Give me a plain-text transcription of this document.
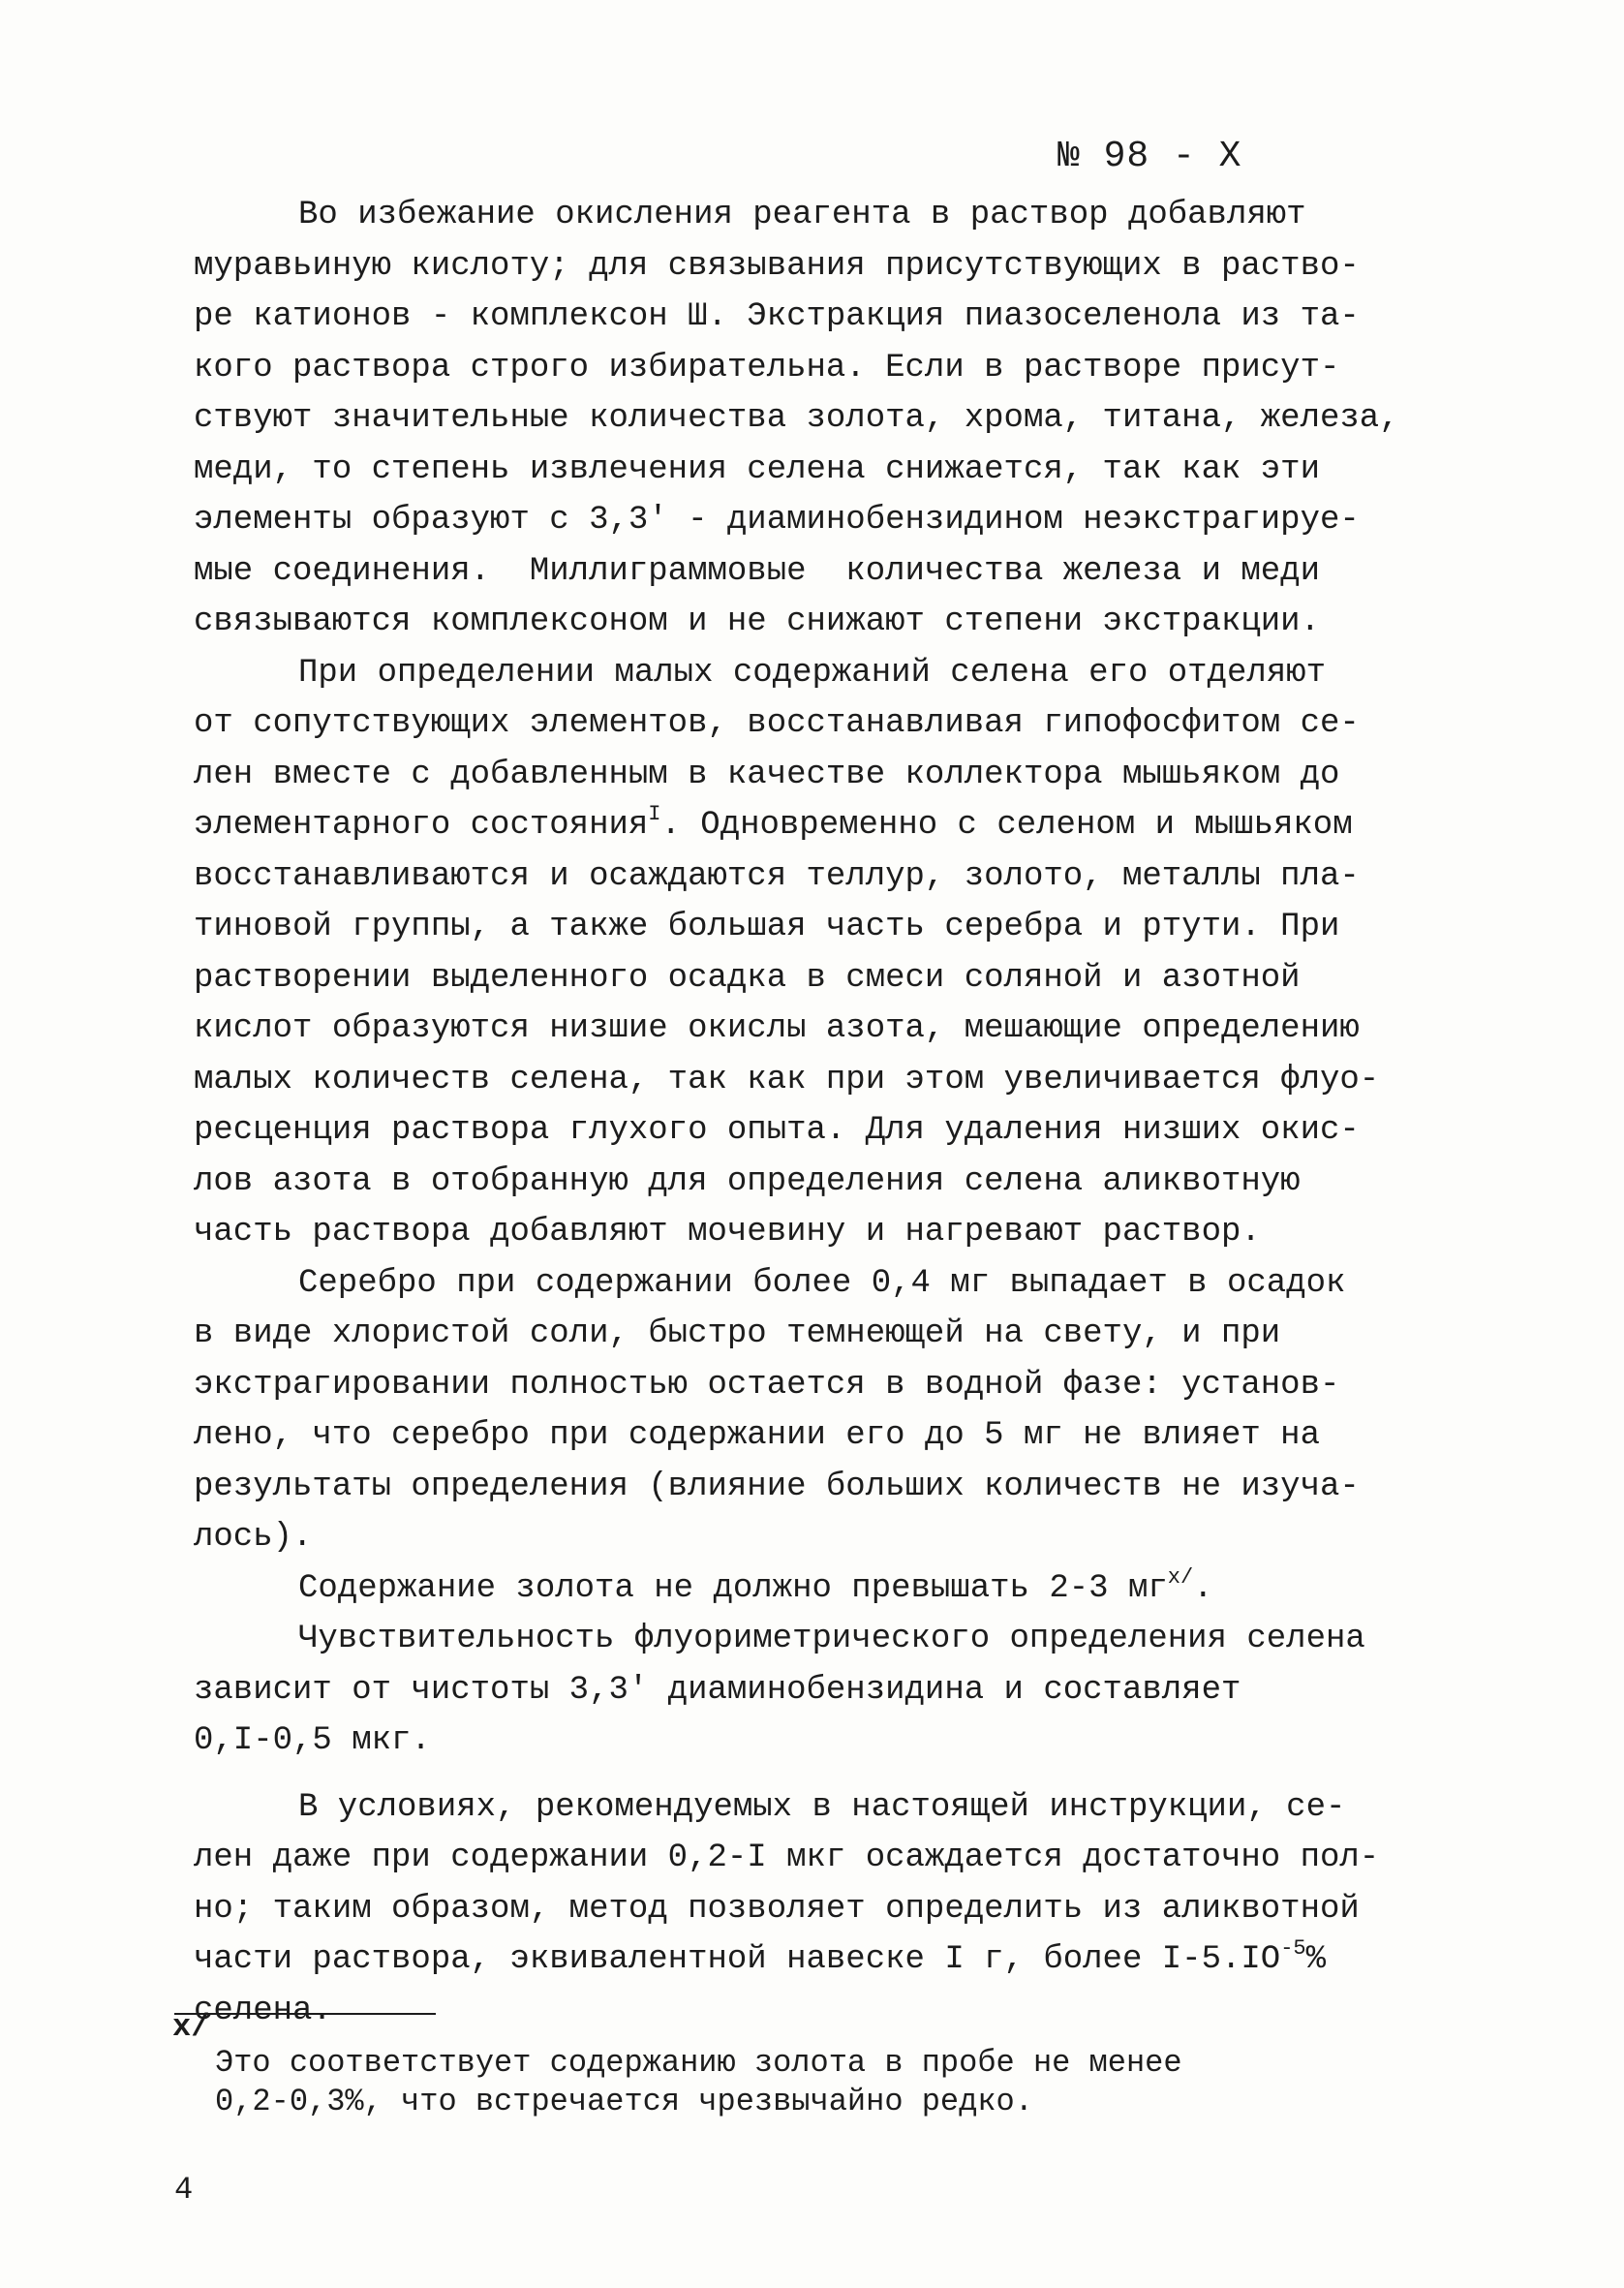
№ 98 - X
Во избежание окисления реагента в раствор добавляют
муравьиную кислоту; для связывания присутствующих в раство-
ре катионов - комплексон Ш. Экстракция пиазоселенола из та-
кого раствора строго избирательна. Если в растворе присут-
ствуют значительные количества золота, хрома, титана, железа,
меди, то степень извлечения селена снижается, так как эти
элементы образуют с 3,3' - диаминобензидином неэкстрагируе-
мые соединения.  Миллиграммовые  количества железа и меди
связываются комплексоном и не снижают степени экстракции.
При определении малых содержаний селена его отделяют
от сопутствующих элементов, восстанавливая гипофосфитом се-
лен вместе с добавленным в качестве коллектора мышьяком до
элементарного состояния$^I$. Одновременно с селеном и мышьяком
восстанавливаются и осаждаются теллур, золото, металлы пла-
тиновой группы, а также большая часть серебра и ртути. При
растворении выделенного осадка в смеси соляной и азотной
кислот образуются низшие окислы азота, мешающие определению
малых количеств селена, так как при этом увеличивается флуо-
ресценция раствора глухого опыта. Для удаления низших окис-
лов азота в отобранную для определения селена аликвотную
часть раствора добавляют мочевину и нагревают раствор.
Серебро при содержании более 0,4 мг выпадает в осадок
в виде хлористой соли, быстро темнеющей на свету, и при
экстрагировании полностью остается в водной фазе: установ-
лено, что серебро при содержании его до 5 мг не влияет на
результаты определения (влияние больших количеств не изуча-
лось).
Содержание золота не должно превышать 2-3 $мг^{x/}$.
Чувствительность флуориметрического определения селена
зависит от чистоты 3,3' диаминобензидина и составляет
0,I-0,5 мкг.
В условиях, рекомендуемых в настоящей инструкции, се-
лен даже при содержании 0,2-I мкг осаждается достаточно пол-
но; таким образом, метод позволяет определить из аликвотной
части раствора, эквивалентной навеске I г, более $I-5.IO^{-5}\%$
селена.
x/
Это соответствует содержанию золота в пробе не менее
0,2-0,3%, что встречается чрезвычайно редко.
4
